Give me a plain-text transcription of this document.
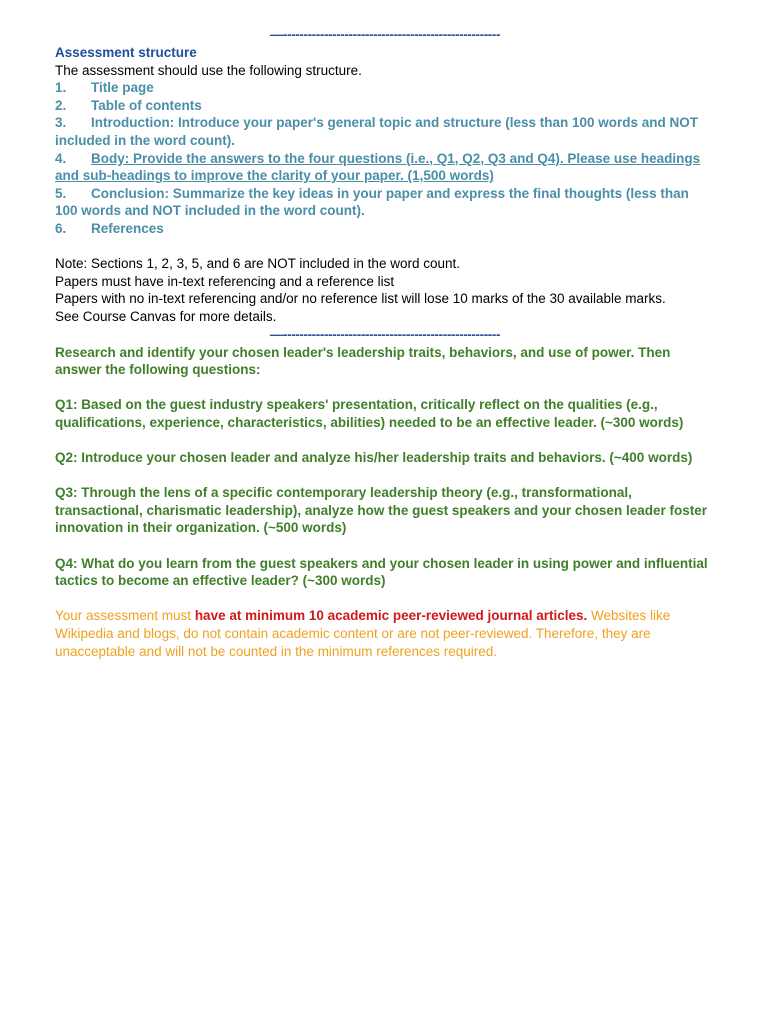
—-----------------------------------------------------
Assessment structure
The assessment should use the following structure.
1. Title page
2. Table of contents
3. Introduction: Introduce your paper's general topic and structure (less than 100 words and NOT included in the word count).
4. Body: Provide the answers to the four questions (i.e., Q1, Q2, Q3 and Q4). Please use headings and sub-headings to improve the clarity of your paper. (1,500 words)
5. Conclusion: Summarize the key ideas in your paper and express the final thoughts (less than 100 words and NOT included in the word count).
6. References
Note: Sections 1, 2, 3, 5, and 6 are NOT included in the word count.
Papers must have in-text referencing and a reference list
Papers with no in-text referencing and/or no reference list will lose 10 marks of the 30 available marks.
See Course Canvas for more details.
—-----------------------------------------------------
Research and identify your chosen leader's leadership traits, behaviors, and use of power. Then answer the following questions:
Q1: Based on the guest industry speakers' presentation, critically reflect on the qualities (e.g., qualifications, experience, characteristics, abilities) needed to be an effective leader. (~300 words)
Q2: Introduce your chosen leader and analyze his/her leadership traits and behaviors. (~400 words)
Q3: Through the lens of a specific contemporary leadership theory (e.g., transformational, transactional, charismatic leadership), analyze how the guest speakers and your chosen leader foster innovation in their organization. (~500 words)
Q4: What do you learn from the guest speakers and your chosen leader in using power and influential tactics to become an effective leader? (~300 words)
Your assessment must have at minimum 10 academic peer-reviewed journal articles. Websites like Wikipedia and blogs, do not contain academic content or are not peer-reviewed. Therefore, they are unacceptable and will not be counted in the minimum references required.
